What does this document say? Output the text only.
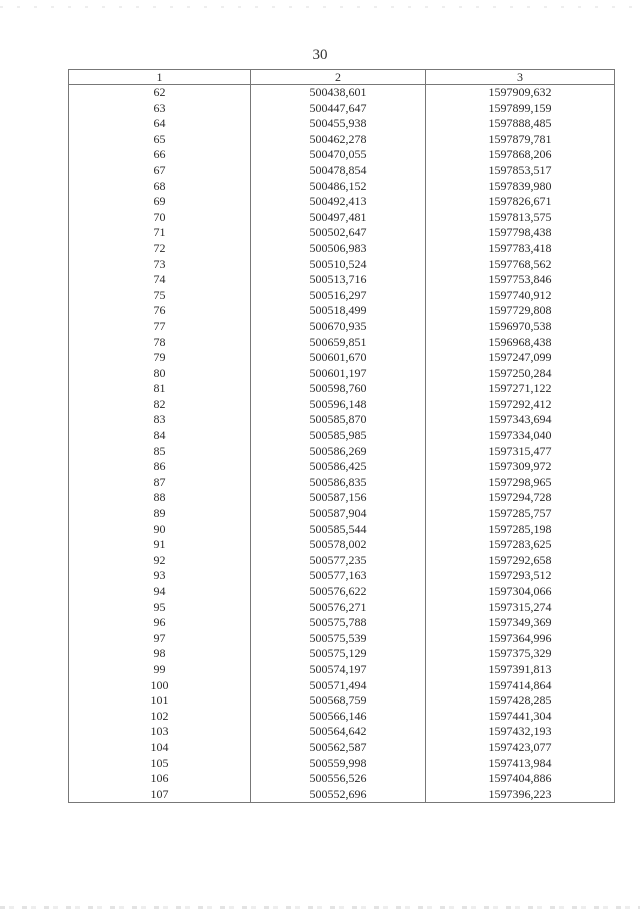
30
1	2	3
62	500438,601	1597909,632
63	500447,647	1597899,159
64	500455,938	1597888,485
65	500462,278	1597879,781
66	500470,055	1597868,206
67	500478,854	1597853,517
68	500486,152	1597839,980
69	500492,413	1597826,671
70	500497,481	1597813,575
71	500502,647	1597798,438
72	500506,983	1597783,418
73	500510,524	1597768,562
74	500513,716	1597753,846
75	500516,297	1597740,912
76	500518,499	1597729,808
77	500670,935	1596970,538
78	500659,851	1596968,438
79	500601,670	1597247,099
80	500601,197	1597250,284
81	500598,760	1597271,122
82	500596,148	1597292,412
83	500585,870	1597343,694
84	500585,985	1597334,040
85	500586,269	1597315,477
86	500586,425	1597309,972
87	500586,835	1597298,965
88	500587,156	1597294,728
89	500587,904	1597285,757
90	500585,544	1597285,198
91	500578,002	1597283,625
92	500577,235	1597292,658
93	500577,163	1597293,512
94	500576,622	1597304,066
95	500576,271	1597315,274
96	500575,788	1597349,369
97	500575,539	1597364,996
98	500575,129	1597375,329
99	500574,197	1597391,813
100	500571,494	1597414,864
101	500568,759	1597428,285
102	500566,146	1597441,304
103	500564,642	1597432,193
104	500562,587	1597423,077
105	500559,998	1597413,984
106	500556,526	1597404,886
107	500552,696	1597396,223
